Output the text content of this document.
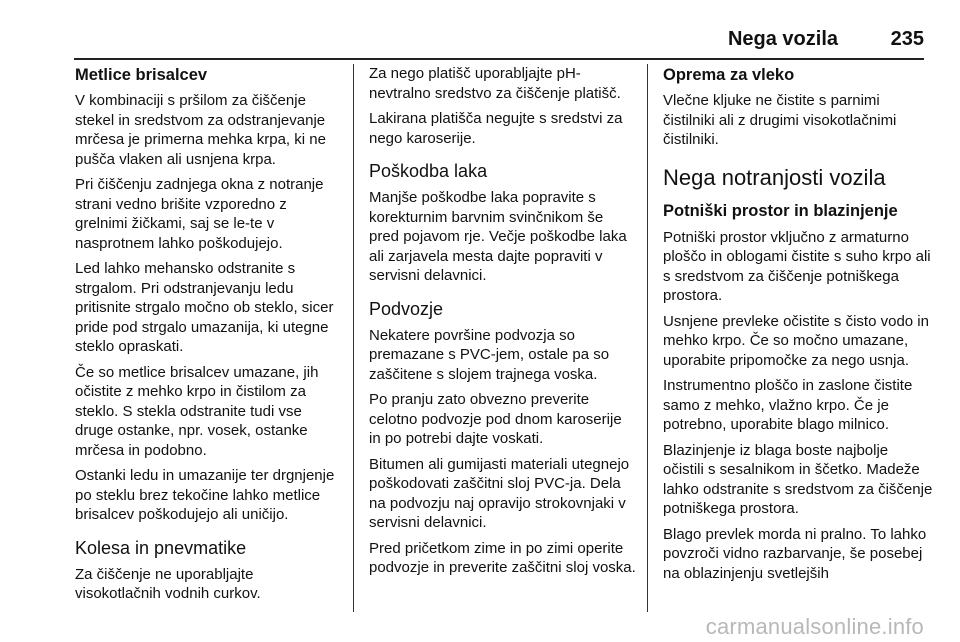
Nega vozila	235
Metlice brisalcev

V kombinaciji s pršilom za čiščenje stekel in sredstvom za odstranjevanje mrčesa je primerna mehka krpa, ki ne pušča vlaken ali usnjena krpa.

Pri čiščenju zadnjega okna z notranje strani vedno brišite vzporedno z grelnimi žičkami, saj se le-te v nasprotnem lahko poškodujejo.

Led lahko mehansko odstranite s strgalom. Pri odstranjevanju ledu pritisnite strgalo močno ob steklo, sicer pride pod strgalo umazanija, ki utegne steklo opraskati.

Če so metlice brisalcev umazane, jih očistite z mehko krpo in čistilom za steklo. S stekla odstranite tudi vse druge ostanke, npr. vosek, ostanke mrčesa in podobno.

Ostanki ledu in umazanije ter drgnjenje po steklu brez tekočine lahko metlice brisalcev poškodujejo ali uničijo.

Kolesa in pnevmatike

Za čiščenje ne uporabljajte visokotlačnih vodnih curkov.

Za nego platišč uporabljajte pH-nevtralno sredstvo za čiščenje platišč.

Lakirana platišča negujte s sredstvi za nego karoserije.

Poškodba laka

Manjše poškodbe laka popravite s korekturnim barvnim svinčnikom še pred pojavom rje. Večje poškodbe laka ali zarjavela mesta dajte popraviti v servisni delavnici.

Podvozje

Nekatere površine podvozja so premazane s PVC-jem, ostale pa so zaščitene s slojem trajnega voska.

Po pranju zato obvezno preverite celotno podvozje pod dnom karoserije in po potrebi dajte voskati.

Bitumen ali gumijasti materiali utegnejo poškodovati zaščitni sloj PVC-ja. Dela na podvozju naj opravijo strokovnjaki v servisni delavnici.

Pred pričetkom zime in po zimi operite podvozje in preverite zaščitni sloj voska.

Oprema za vleko

Vlečne kljuke ne čistite s parnimi čistilniki ali z drugimi visokotlačnimi čistilniki.

Nega notranjosti vozila
Potniški prostor in blazinjenje

Potniški prostor vključno z armaturno ploščo in oblogami čistite s suho krpo ali s sredstvom za čiščenje potniškega prostora.

Usnjene prevleke očistite s čisto vodo in mehko krpo. Če so močno umazane, uporabite pripomočke za nego usnja.

Instrumentno ploščo in zaslone čistite samo z mehko, vlažno krpo. Če je potrebno, uporabite blago milnico.

Blazinjenje iz blaga boste najbolje očistili s sesalnikom in ščetko. Madeže lahko odstranite s sredstvom za čiščenje potniškega prostora.

Blago prevlek morda ni pralno. To lahko povzroči vidno razbarvanje, še posebej na oblazinjenju svetlejših

carmanualsonline.info
